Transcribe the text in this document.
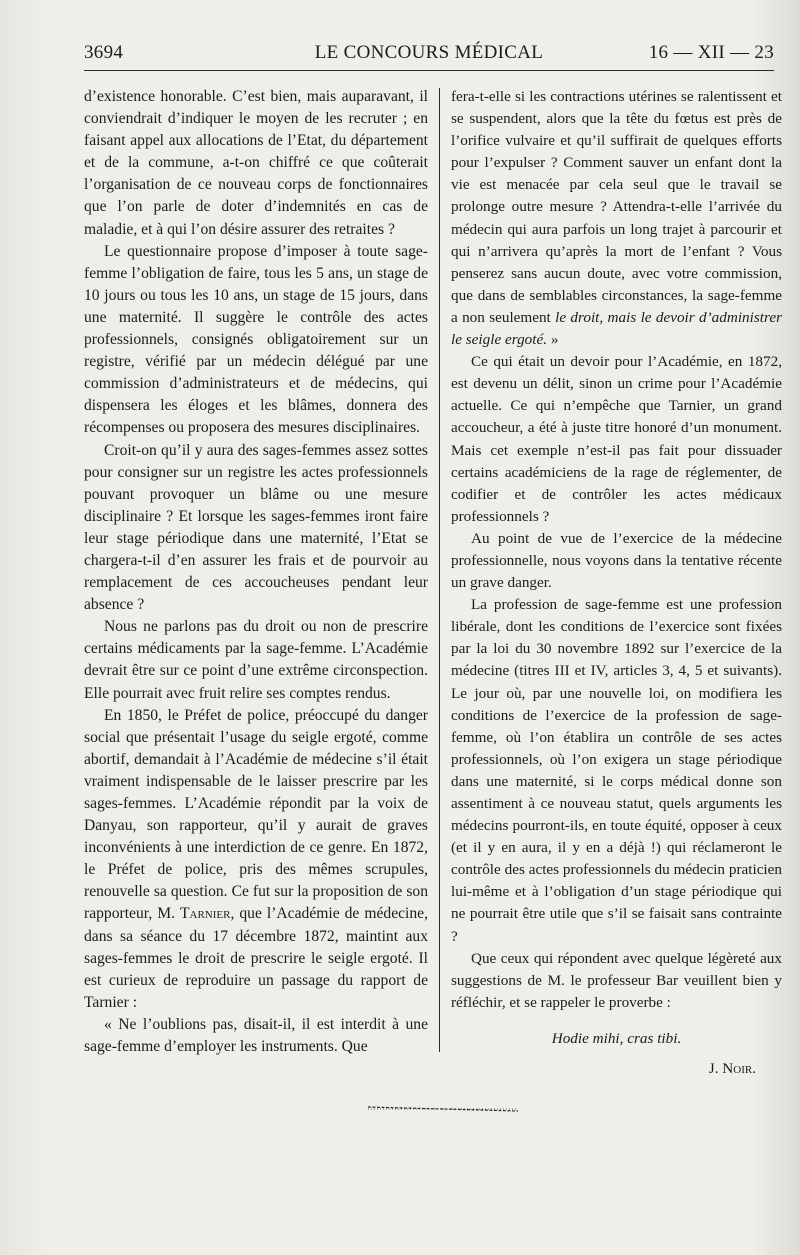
3694	LE CONCOURS MÉDICAL	16 — XII — 23

d’existence honorable. C’est bien, mais auparavant, il conviendrait d’indiquer le moyen de les recruter ; en faisant appel aux allocations de l’Etat, du département et de la commune, a-t-on chiffré ce que coûterait l’organisation de ce nouveau corps de fonctionnaires que l’on parle de doter d’indemnités en cas de maladie, et à qui l’on désire assurer des retraites ?

Le questionnaire propose d’imposer à toute sage-femme l’obligation de faire, tous les 5 ans, un stage de 10 jours ou tous les 10 ans, un stage de 15 jours, dans une maternité. Il suggère le contrôle des actes professionnels, consignés obligatoirement sur un registre, vérifié par un médecin délégué par une commission d’administrateurs et de médecins, qui dispensera les éloges et les blâmes, donnera des récompenses ou proposera des mesures disciplinaires.

Croit-on qu’il y aura des sages-femmes assez sottes pour consigner sur un registre les actes professionnels pouvant provoquer un blâme ou une mesure disciplinaire ? Et lorsque les sages-femmes iront faire leur stage périodique dans une maternité, l’Etat se chargera-t-il d’en assurer les frais et de pourvoir au remplacement de ces accoucheuses pendant leur absence ?

Nous ne parlons pas du droit ou non de prescrire certains médicaments par la sage-femme. L’Académie devrait être sur ce point d’une extrême circonspection. Elle pourrait avec fruit relire ses comptes rendus.

En 1850, le Préfet de police, préoccupé du danger social que présentait l’usage du seigle ergoté, comme abortif, demandait à l’Académie de médecine s’il était vraiment indispensable de le laisser prescrire par les sages-femmes. L’Académie répondit par la voix de Danyau, son rapporteur, qu’il y aurait de graves inconvénients à une interdiction de ce genre. En 1872, le Préfet de police, pris des mêmes scrupules, renouvelle sa question. Ce fut sur la proposition de son rapporteur, M. Tarnier, que l’Académie de médecine, dans sa séance du 17 décembre 1872, maintint aux sages-femmes le droit de prescrire le seigle ergoté. Il est curieux de reproduire un passage du rapport de Tarnier :

« Ne l’oublions pas, disait-il, il est interdit à une sage-femme d’employer les instruments. Que

fera-t-elle si les contractions utérines se ralentissent et se suspendent, alors que la tête du fœtus est près de l’orifice vulvaire et qu’il suffirait de quelques efforts pour l’expulser ? Comment sauver un enfant dont la vie est menacée par cela seul que le travail se prolonge outre mesure ? Attendra-t-elle l’arrivée du médecin qui aura parfois un long trajet à parcourir et qui n’arrivera qu’après la mort de l’enfant ? Vous penserez sans aucun doute, avec votre commission, que dans de semblables circonstances, la sage-femme a non seulement le droit, mais le devoir d’administrer le seigle ergoté. »

Ce qui était un devoir pour l’Académie, en 1872, est devenu un délit, sinon un crime pour l’Académie actuelle. Ce qui n’empêche que Tarnier, un grand accoucheur, a été à juste titre honoré d’un monument. Mais cet exemple n’est-il pas fait pour dissuader certains académiciens de la rage de réglementer, de codifier et de contrôler les actes médicaux professionnels ?

Au point de vue de l’exercice de la médecine professionnelle, nous voyons dans la tentative récente un grave danger.

La profession de sage-femme est une profession libérale, dont les conditions de l’exercice sont fixées par la loi du 30 novembre 1892 sur l’exercice de la médecine (titres III et IV, articles 3, 4, 5 et suivants). Le jour où, par une nouvelle loi, on modifiera les conditions de l’exercice de la profession de sage-femme, où l’on établira un contrôle de ses actes professionnels, où l’on exigera un stage périodique dans une maternité, si le corps médical donne son assentiment à ce nouveau statut, quels arguments les médecins pourront-ils, en toute équité, opposer à ceux (et il y en aura, il y en a déjà !) qui réclameront le contrôle des actes professionnels du médecin praticien lui-même et à l’obligation d’un stage périodique qui ne pourrait être utile que s’il se faisait sans contrainte ?

Que ceux qui répondent avec quelque légèreté aux suggestions de M. le professeur Bar veuillent bien y réfléchir, et se rappeler le proverbe :

Hodie mihi, cras tibi.

J. Noir.
